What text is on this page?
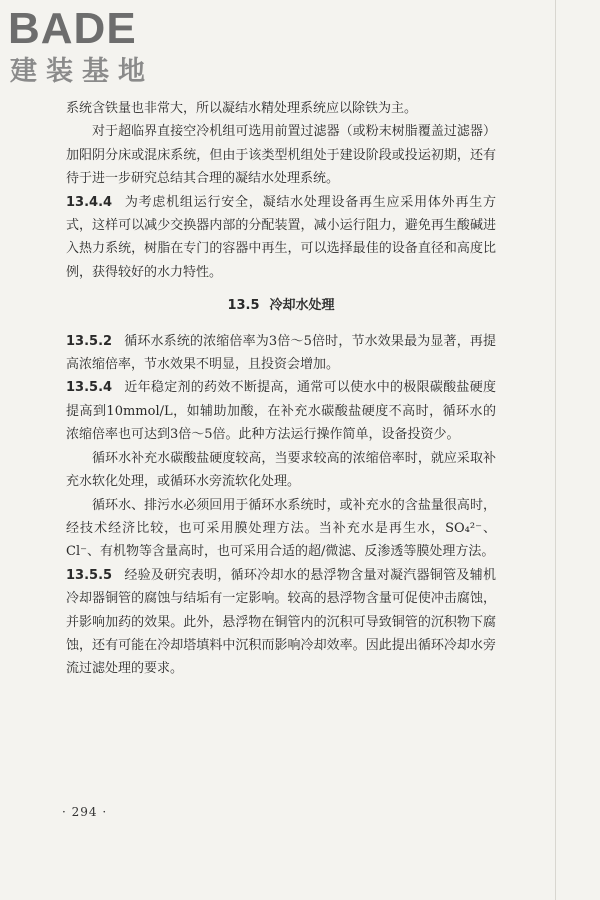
BADE
建装基地

系统含铁量也非常大，所以凝结水精处理系统应以除铁为主。

对于超临界直接空冷机组可选用前置过滤器（或粉末树脂覆盖过滤器）加阳阴分床或混床系统，但由于该类型机组处于建设阶段或投运初期，还有待于进一步研究总结其合理的凝结水处理系统。

13.4.4 为考虑机组运行安全，凝结水处理设备再生应采用体外再生方式，这样可以减少交换器内部的分配装置，减小运行阻力，避免再生酸碱进入热力系统，树脂在专门的容器中再生，可以选择最佳的设备直径和高度比例，获得较好的水力特性。

13.5 冷却水处理

13.5.2 循环水系统的浓缩倍率为3倍～5倍时，节水效果最为显著，再提高浓缩倍率，节水效果不明显，且投资会增加。

13.5.4 近年稳定剂的药效不断提高，通常可以使水中的极限碳酸盐硬度提高到10mmol/L，如辅助加酸，在补充水碳酸盐硬度不高时，循环水的浓缩倍率也可达到3倍～5倍。此种方法运行操作简单，设备投资少。

循环水补充水碳酸盐硬度较高，当要求较高的浓缩倍率时，就应采取补充水软化处理，或循环水旁流软化处理。

循环水、排污水必须回用于循环水系统时，或补充水的含盐量很高时，经技术经济比较，也可采用膜处理方法。当补充水是再生水，SO₄²⁻、Cl⁻、有机物等含量高时，也可采用合适的超/微滤、反渗透等膜处理方法。

13.5.5 经验及研究表明，循环冷却水的悬浮物含量对凝汽器铜管及辅机冷却器铜管的腐蚀与结垢有一定影响。较高的悬浮物含量可促使冲击腐蚀，并影响加药的效果。此外，悬浮物在铜管内的沉积可导致铜管的沉积物下腐蚀，还有可能在冷却塔填料中沉积而影响冷却效率。因此提出循环冷却水旁流过滤处理的要求。

· 294 ·
